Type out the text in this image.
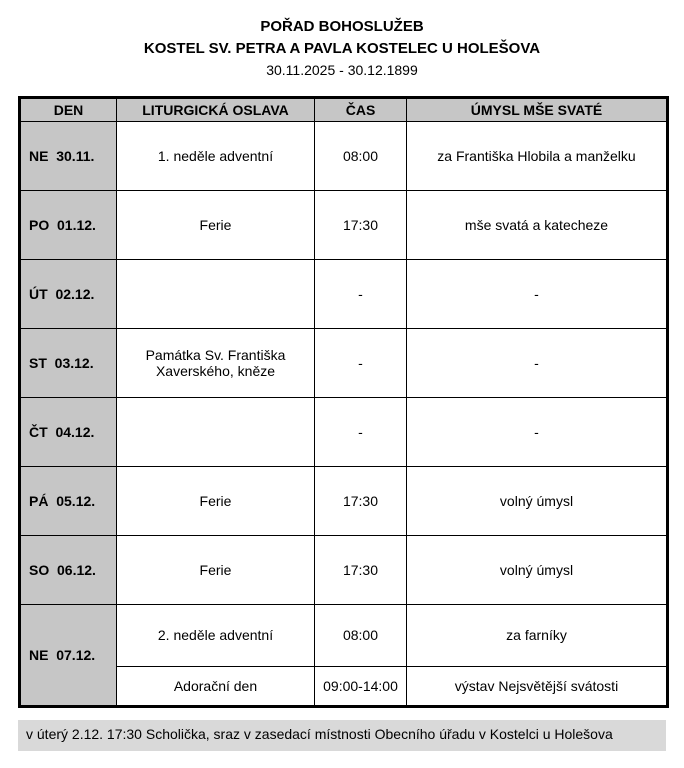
POŘAD BOHOSLUŽEB
KOSTEL SV. PETRA A PAVLA KOSTELEC U HOLEŠOVA
30.11.2025 - 30.12.1899
DEN	LITURGICKÁ OSLAVA	ČAS	ÚMYSL MŠE SVATÉ
NE  30.11.	1. neděle adventní	08:00	za Františka Hlobila a manželku
PO  01.12.	Ferie	17:30	mše svatá a katecheze
ÚT  02.12.		-	-
ST  03.12.	Památka Sv. Františka Xaverského, kněze	-	-
ČT  04.12.		-	-
PÁ  05.12.	Ferie	17:30	volný úmysl
SO  06.12.	Ferie	17:30	volný úmysl
NE  07.12.	2. neděle adventní	08:00	za farníky
	Adorační den	09:00-14:00	výstav Nejsvětější svátosti
v úterý 2.12. 17:30 Scholička, sraz v zasedací místnosti Obecního úřadu v Kostelci u Holešova
